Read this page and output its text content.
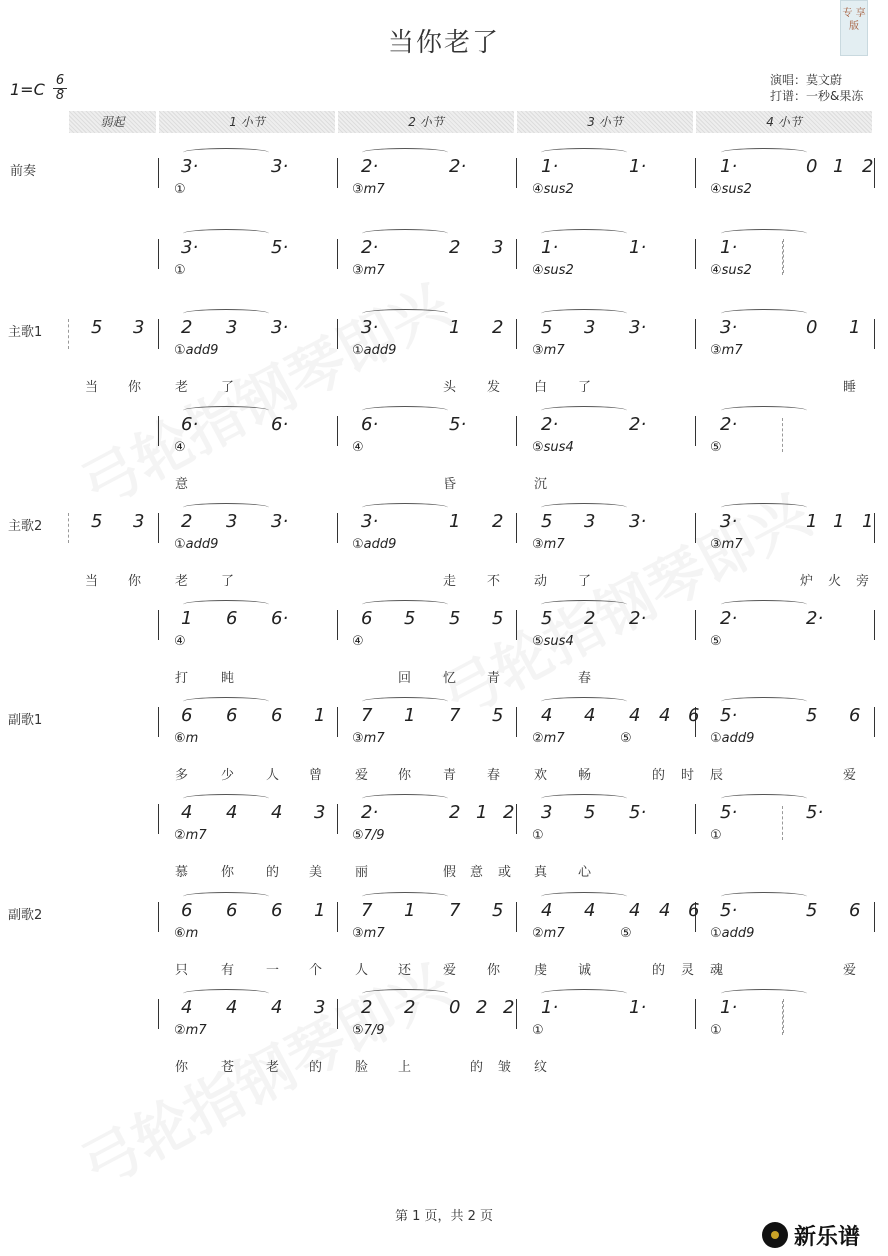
当你老了
专 享 版
1=C 6
8
演唱：莫文蔚
打谱：一秒&果冻
弱起	1 小节	2 小节	3 小节	4 小节
前奏
主歌1
主歌2
副歌1
副歌2
3·	3·	2·	2·	1·	1·	1·	0 1 2
①	③m7	④sus2	④sus2
3·	5·	2·	2 3 1·	1·	1·
①	③m7	④sus2	④sus2
5 3 2 3 3·	3·	1 2 5 3 3·	3·	0 1
①add9	①add9	③m7	③m7
当 你	老	了	头 发	白 了	睡
6·	6·	6·	5·	2·	2·	2·
④	④	⑤sus4	⑤
意	昏	沉
5 3 2 3 3·	3·	1 2 5 3 3·	3·	1 1 1
①add9	①add9	③m7	③m7
当 你	老	了	走 不	动 了	炉 火 旁
1 6 6·	6 5 5 5 5 2 2·	2·	2·
④	④	⑤sus4	⑤
打	盹	回 忆 青	春
6 6 6 1 7 1 7 5 4 4 4 4 6 5·	5 6
⑥m	③m7	②m7	⑤	①add9
多	少 人 曾	爱 你 青 春	欢 畅	的 时 辰	爱
4 4 4 3 2·	2 1 2 3 5 5·	5·	5·
②m7	⑤7/9	①	①
慕	你 的 美	丽	假 意 或 真 心
6 6 6 1 7 1 7 5 4 4 4 4 6 5·	5 6
⑥m	③m7	②m7	⑤	①add9
只	有 一 个	人 还 爱 你	虔 诚	的 灵 魂	爱
4 4 4 3 2 2 0 2 2 1·	1·	1·
②m7	⑤7/9	①	①
你	苍 老 的	脸 上	的 皱 纹
第 1 页，共 2 页
新乐谱
